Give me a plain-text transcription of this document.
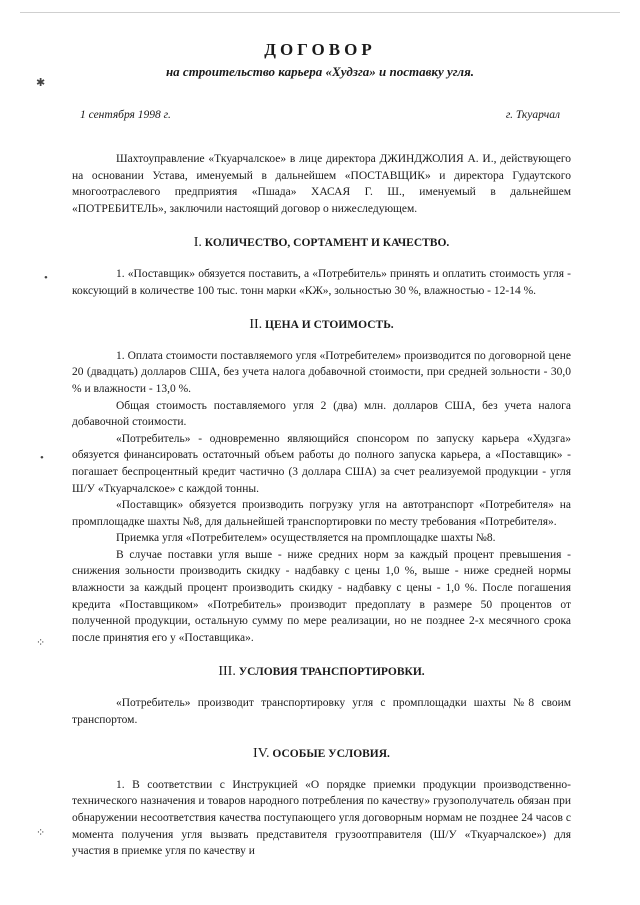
✱
•
•
⁘
⁘
ДОГОВОР
на строительство карьера «Худзга» и поставку угля.
1 сентября 1998 г.	г. Ткуарчал

Шахтоуправление «Ткуарчалское» в лице директора ДЖИНДЖОЛИЯ А. И., действующего на основании Устава, именуемый в дальнейшем «ПОСТАВЩИК» и директора Гудаутского многоотраслевого предприятия «Пшада» ХАСАЯ Г. Ш., именуемый в дальнейшем «ПОТРЕБИТЕЛЬ», заключили настоящий договор о нижеследующем.

I. КОЛИЧЕСТВО, СОРТАМЕНТ И КАЧЕСТВО.

1. «Поставщик» обязуется поставить, а «Потребитель» принять и оплатить стоимость угля - коксующий в количестве 100 тыс. тонн марки «КЖ», зольностью 30 %, влажностью - 12-14 %.

II. ЦЕНА И СТОИМОСТЬ.

1. Оплата стоимости поставляемого угля «Потребителем» производится по договорной цене 20 (двадцать) долларов США, без учета налога добавочной стоимости, при средней зольности - 30,0 % и влажности - 13,0 %.

Общая стоимость поставляемого угля 2 (два) млн. долларов США, без учета налога добавочной стоимости.

«Потребитель» - одновременно являющийся спонсором по запуску карьера «Худзга» обязуется финансировать остаточный объем работы до полного запуска карьера, а «Поставщик» - погашает беспроцентный кредит частично (3 доллара США) за счет реализуемой продукции - угля Ш/У «Ткуарчалское» с каждой тонны.

«Поставщик» обязуется производить погрузку угля на автотранспорт «Потребителя» на промплощадке шахты №8, для дальнейшей транспортировки по месту требования «Потребителя».

Приемка угля «Потребителем» осуществляется на промплощадке шахты №8.

В случае поставки угля выше - ниже средних норм за каждый процент превышения - снижения зольности производить скидку - надбавку с цены 1,0 %, выше - ниже средней нормы влажности за каждый процент производить скидку - надбавку с цены - 1,0 %. После погашения кредита «Поставщиком» «Потребитель» производит предоплату в размере 50 процентов от полученной продукции, остальную сумму по мере реализации, но не позднее 2-х месячного срока после принятия его у «Поставщика».

III. УСЛОВИЯ ТРАНСПОРТИРОВКИ.

«Потребитель» производит транспортировку угля с промплощадки шахты №8 своим транспортом.

IV. ОСОБЫЕ УСЛОВИЯ.

1. В соответствии с Инструкцией «О порядке приемки продукции производственно-технического назначения и товаров народного потребления по качеству» грузополучатель обязан при обнаружении несоответствия качества поступающего угля договорным нормам не позднее 24 часов с момента получения угля вызвать представителя грузоотправителя (Ш/У «Ткуарчалское») для участия в приемке угля по качеству и
